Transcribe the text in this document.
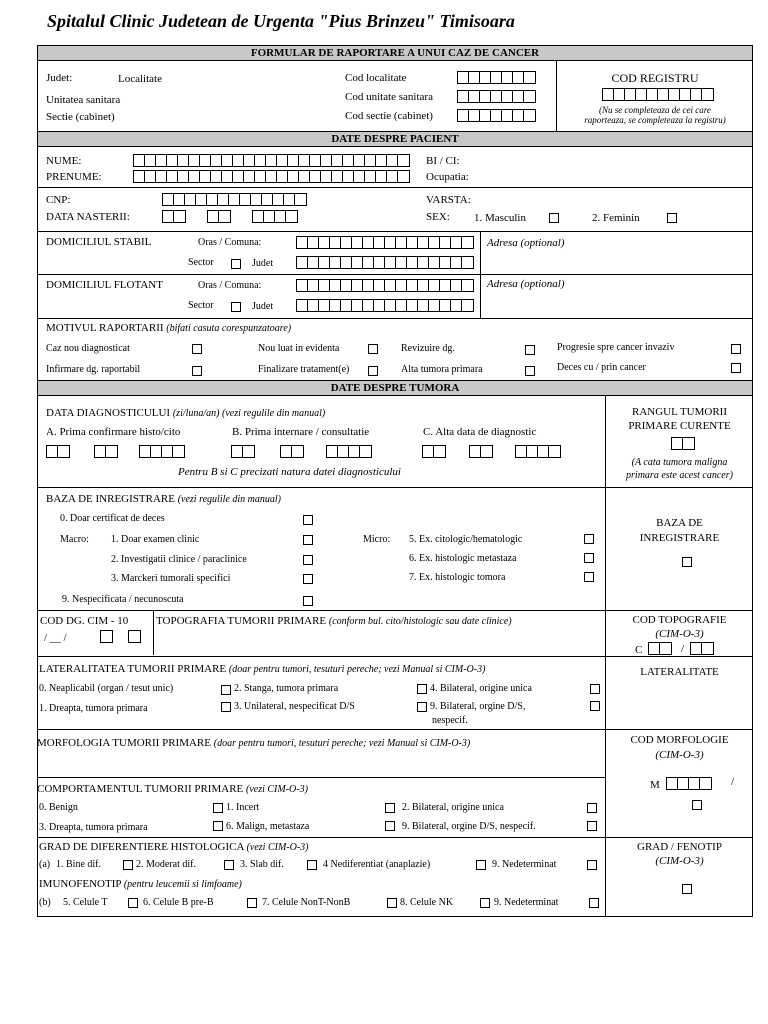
Spitalul Clinic Judetean de Urgenta "Pius Brinzeu" Timisoara
FORMULAR DE RAPORTARE A UNUI CAZ DE CANCER
DATE DESPRE PACIENT
DATE DESPRE TUMORA
Judet:	Localitate
Unitatea sanitara
Sectie (cabinet)
Cod localitate
Cod unitate sanitara
Cod sectie (cabinet)
COD REGISTRU
(Nu se completeaza de cei care
raporteaza, se completeaza la registru)
NUME:
PRENUME:
BI / CI:
Ocupatia:
CNP:	VARSTA:
DATA NASTERII:	SEX: 1. Masculin	2. Feminin
DOMICILIUL STABIL	Oras / Comuna:
Sector	Judet
Adresa (optional)
DOMICILIUL FLOTANT	Oras / Comuna:
Sector	Judet
Adresa (optional)
MOTIVUL RAPORTARII (bifati casuta corespunzatoare)
Caz nou diagnosticat	Nou luat in evidenta	Revizuire dg.	Progresie spre cancer invaziv
Infirmare dg. raportabil	Finalizare tratament(e)	Alta tumora primara	Deces cu / prin cancer
DATA DIAGNOSTICULUI (zi/luna/an) (vezi regulile din manual)
A. Prima confirmare histo/cito	B. Prima internare / consultatie	C. Alta data de diagnostic
Pentru B si C precizati natura datei diagnosticului
RANGUL TUMORII
PRIMARE CURENTE
(A cata tumora maligna
primara este acest cancer)
BAZA DE INREGISTRARE (vezi regulile din manual)
0. Doar certificat de deces
Macro: 1. Doar examen clinic
2. Investigatii clinice / paraclinice
3. Marckeri tumorali specifici
9. Nespecificata / necunoscuta
Micro: 5. Ex. citologic/hematologic
6. Ex. histologic metastaza
7. Ex. histologic tomora
BAZA DE
INREGISTRARE
COD DG. CIM - 10
/ __ /
TOPOGRAFIA TUMORII PRIMARE (conform bul. cito/histologic sau date clinice)	COD TOPOGRAFIE
(CIM-O-3)
C	/
LATERALITATEA TUMORII PRIMARE (doar pentru tumori, tesuturi pereche; vezi Manual si CIM-O-3)
0. Neaplicabil (organ / tesut unic)	2. Stanga, tumora primara	4. Bilateral, origine unica
1. Dreapta, tumora primara	3. Unilateral, nespecificat D/S	9. Bilateral, orgine D/S,
nespecif.
LATERALITATE
MORFOLOGIA TUMORII PRIMARE (doar pentru tumori, tesuturi pereche; vezi Manual si CIM-O-3)	COD MORFOLOGIE
(CIM-O-3)
M	/
COMPORTAMENTUL TUMORII PRIMARE (vezi CIM-O-3)
0. Benign	1. Incert	2. Bilateral, origine unica
3. Dreapta, tumora primara	6. Malign, metastaza	9. Bilateral, orgine D/S, nespecif.
GRAD DE DIFERENTIERE HISTOLOGICA (vezi CIM-O-3)
(a) 1. Bine dif.	2. Moderat dif.	3. Slab dif.	4 Nediferentiat (anaplazie)	9. Nedeterminat
IMUNOFENOTIP (pentru leucemii si limfoame)
(b) 5. Celule T	6. Celule B pre-B	7. Celule NonT-NonB	8. Celule NK	9. Nedeterminat
GRAD / FENOTIP
(CIM-O-3)
